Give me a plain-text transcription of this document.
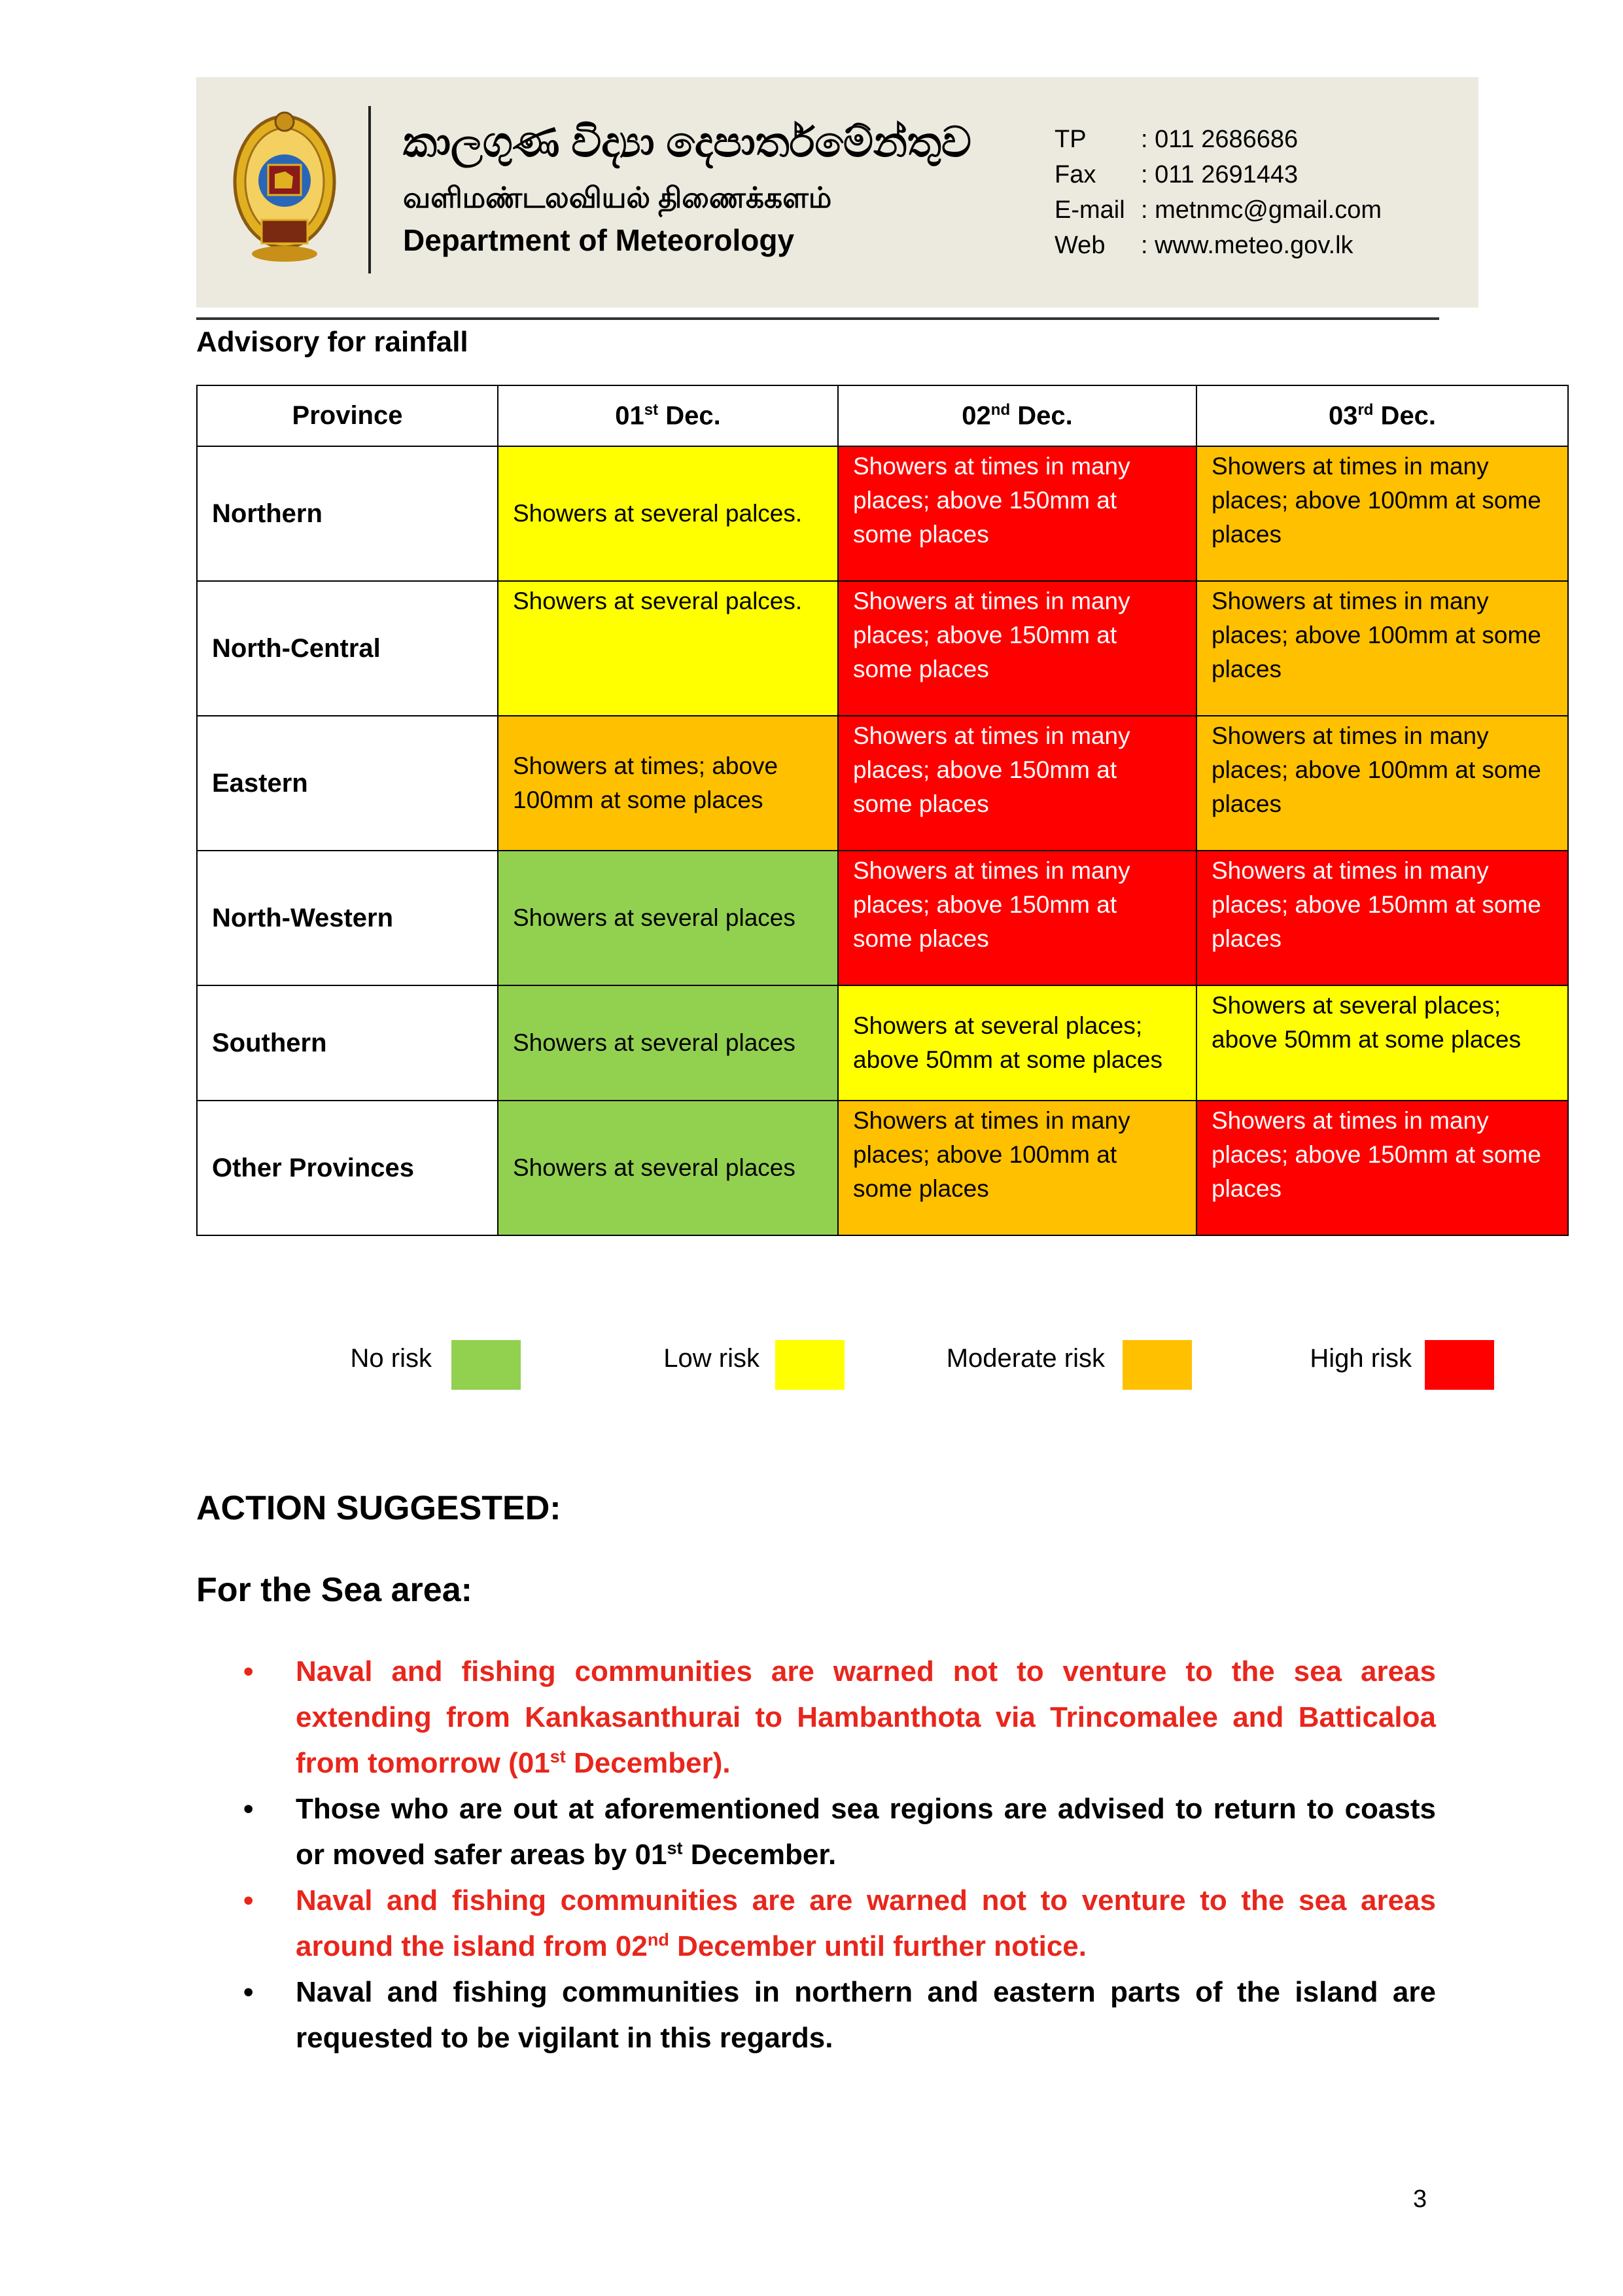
කාලගුණ විද්‍යා දෙපාර්තමේන්තුව
வளிமண்டலவியல் திணைக்களம்
Department of Meteorology
TP : 011 2686686
Fax : 011 2691443
E-mail : metnmc@gmail.com
Web : www.meteo.gov.lk
Advisory for rainfall
Province	01st Dec.	02nd Dec.	03rd Dec.
Northern	Showers at several palces.	Showers at times in many places; above 150mm at some places	Showers at times in many places; above 100mm at some places
North-Central	Showers at several palces.	Showers at times in many places; above 150mm at some places	Showers at times in many places; above 100mm at some places
Eastern	Showers at times; above 100mm at some places	Showers at times in many places; above 150mm at some places	Showers at times in many places; above 100mm at some places
North-Western	Showers at several places	Showers at times in many places; above 150mm at some places	Showers at times in many places; above 150mm at some places
Southern	Showers at several places	Showers at several places; above 50mm at some places	Showers at several places; above 50mm at some places
Other Provinces	Showers at several places	Showers at times in many places; above 100mm at some places	Showers at times in many places; above 150mm at some places
No risk	Low risk	Moderate risk	High risk
ACTION SUGGESTED:
For the Sea area:
• Naval and fishing communities are warned not to venture to the sea areas extending from Kankasanthurai to Hambanthota via Trincomalee and Batticaloa from tomorrow (01st December).
• Those who are out at aforementioned sea regions are advised to return to coasts or moved safer areas by 01st December.
• Naval and fishing communities are are warned not to venture to the sea areas around the island from 02nd December until further notice.
• Naval and fishing communities in northern and eastern parts of the island are requested to be vigilant in this regards.
3
